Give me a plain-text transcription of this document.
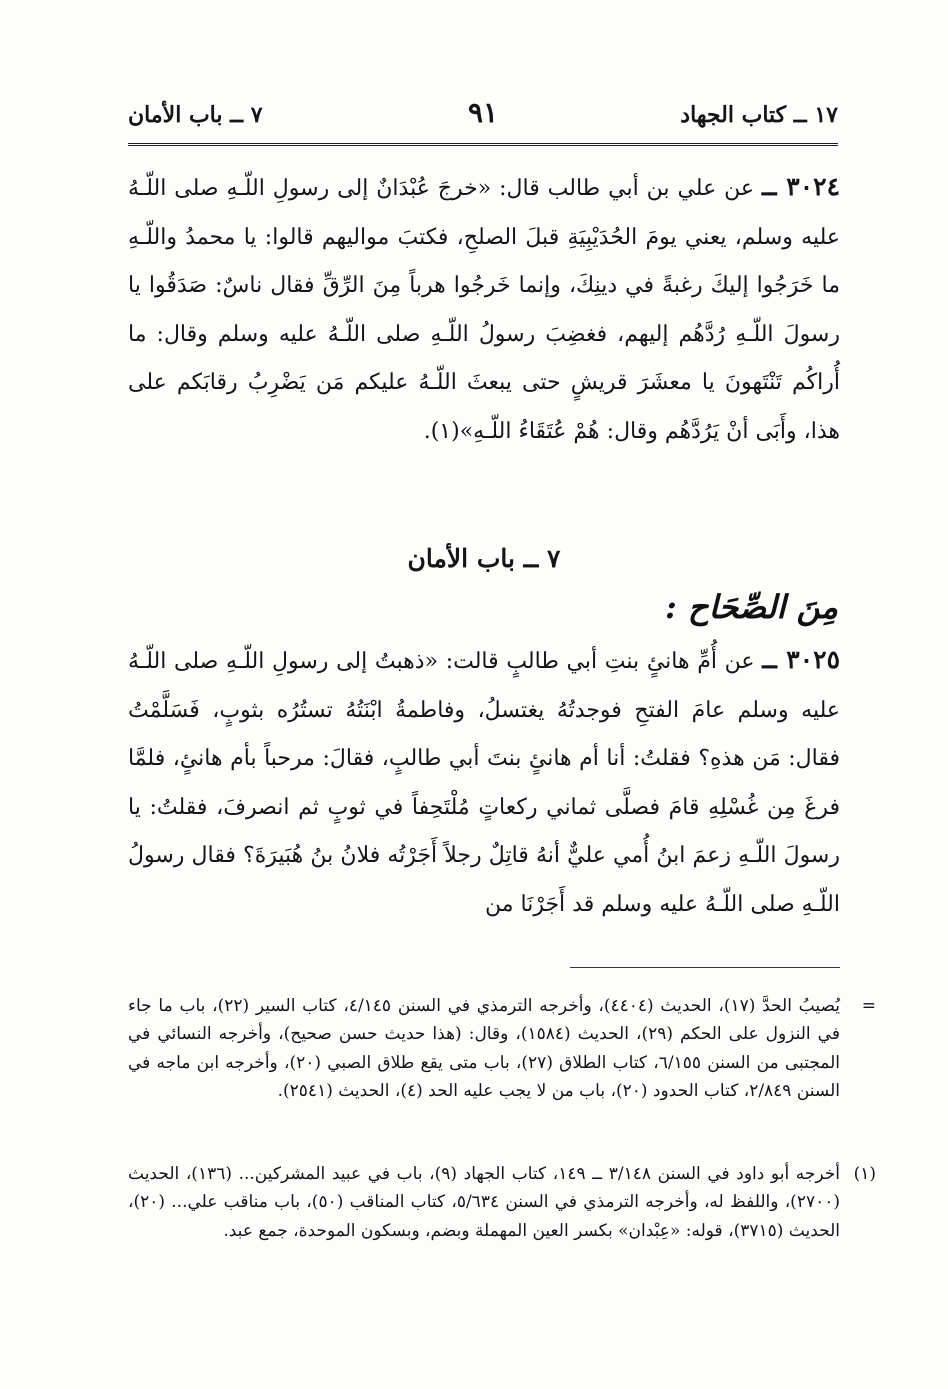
١٧ ــ كتاب الجهاد
٩١
٧ ــ باب الأمان
٣٠٢٤ ــ عن علي بن أبي طالب قال: «خرجَ عُبْدَانٌ إلى رسولِ اللّـهِ صلى اللّـهُ عليه وسلم، يعني يومَ الحُدَيْبِيَةِ قبلَ الصلحِ، فكتبَ مواليهم قالوا: يا محمدُ واللّـهِ ما خَرَجُوا إليكَ رغبةً في دينِكَ، وإنما خَرجُوا هرباً مِنَ الرِّقِّ فقال ناسٌ: صَدَقُوا يا رسولَ اللّـهِ رُدَّهُم إليهم، فغضِبَ رسولُ اللّـهِ صلى اللّـهُ عليه وسلم وقال: ما أُراكُم تَنْتَهونَ يا معشَرَ قريشٍ حتى يبعثَ اللّـهُ عليكم مَن يَضْرِبُ رقابَكم على هذا، وأَبَى أنْ يَرُدَّهُم وقال: هُمْ عُتَقَاءُ اللّـهِ»(١).
٧ ــ باب الأمان
مِنَ الصِّحَاح :
٣٠٢٥ ــ عن أُمِّ هانئٍ بنتِ أبي طالبٍ قالت: «ذهبتُ إلى رسولِ اللّـهِ صلى اللّـهُ عليه وسلم عامَ الفتحِ فوجدتُهُ يغتسلُ، وفاطمةُ ابْنَتُهُ تستُرُه بثوبٍ، فَسَلَّمْتُ فقال: مَن هذهِ؟ فقلتُ: أنا أم هانئٍ بنتَ أبي طالبٍ، فقالَ: مرحباً بأم هانئٍ، فلمَّا فرغَ مِن غُسْلِهِ قامَ فصلَّى ثماني ركعاتٍ مُلْتَحِفاً في ثوبٍ ثم انصرفَ، فقلتُ: يا رسولَ اللّـهِ زعمَ ابنُ أُمي عليٌّ أنهُ قاتِلٌ رجلاً أَجَرْتُه فلانُ بنُ هُبَيرَةَ؟ فقال رسولُ اللّـهِ صلى اللّـهُ عليه وسلم قد أَجَرْنَا من
=
يُصيبُ الحدَّ (١٧)، الحديث (٤٤٠٤)، وأخرجه الترمذي في السنن ٤/١٤٥، كتاب السير (٢٢)، باب ما جاء في النزول على الحكم (٢٩)، الحديث (١٥٨٤)، وقال: (هذا حديث حسن صحيح)، وأخرجه النسائي في المجتبى من السنن ٦/١٥٥، كتاب الطلاق (٢٧)، باب متى يقع طلاق الصبي (٢٠)، وأخرجه ابن ماجه في السنن ٢/٨٤٩، كتاب الحدود (٢٠)، باب من لا يجب عليه الحد (٤)، الحديث (٢٥٤١).
(١)
أخرجه أبو داود في السنن ٣/١٤٨ ــ ١٤٩، كتاب الجهاد (٩)، باب في عبيد المشركين... (١٣٦)، الحديث (٢٧٠٠)، واللفظ له، وأخرجه الترمذي في السنن ٥/٦٣٤، كتاب المناقب (٥٠)، باب مناقب علي... (٢٠)، الحديث (٣٧١٥)، قوله: «عِبْدان» بكسر العين المهملة وبضم، وبسكون الموحدة، جمع عبد.
